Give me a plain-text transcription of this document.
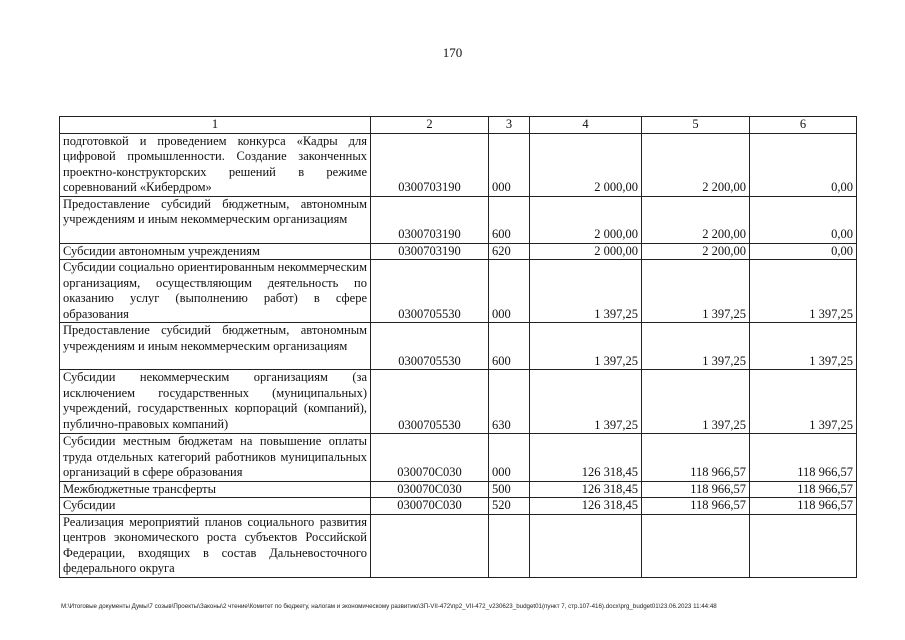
170
1	2	3	4	5	6
подготовкой и проведением конкурса «Кадры для цифровой промышленности. Создание законченных проектно-конструкторских решений в режиме соревнований «Кибердром»	0300703190	000	2 000,00	2 200,00	0,00
Предоставление субсидий бюджетным, автономным учреждениям и иным некоммерческим организациям	0300703190	600	2 000,00	2 200,00	0,00
Субсидии автономным учреждениям	0300703190	620	2 000,00	2 200,00	0,00
Субсидии социально ориентированным некоммерческим организациям, осуществляющим деятельность по оказанию услуг (выполнению работ) в сфере образования	0300705530	000	1 397,25	1 397,25	1 397,25
Предоставление субсидий бюджетным, автономным учреждениям и иным некоммерческим организациям	0300705530	600	1 397,25	1 397,25	1 397,25
Субсидии некоммерческим организациям (за исключением государственных (муниципальных) учреждений, государственных корпораций (компаний), публично-правовых компаний)	0300705530	630	1 397,25	1 397,25	1 397,25
Субсидии местным бюджетам на повышение оплаты труда отдельных категорий работников муниципальных организаций в сфере образования	030070С030	000	126 318,45	118 966,57	118 966,57
Межбюджетные трансферты	030070С030	500	126 318,45	118 966,57	118 966,57
Субсидии	030070С030	520	126 318,45	118 966,57	118 966,57
Реализация мероприятий планов социального развития центров экономического роста субъектов Российской Федерации, входящих в состав Дальневосточного федерального округа					
М:\Итоговые документы Думы\7 созыв\Проекты\Законы\2 чтение\Комитет по бюджету, налогам и экономическому развитию\ЗП-VII-472\пр2_VII-472_v230623_budget01(пункт 7, стр.107-416).docx\prg_budget01\23.06.2023 11:44:48
